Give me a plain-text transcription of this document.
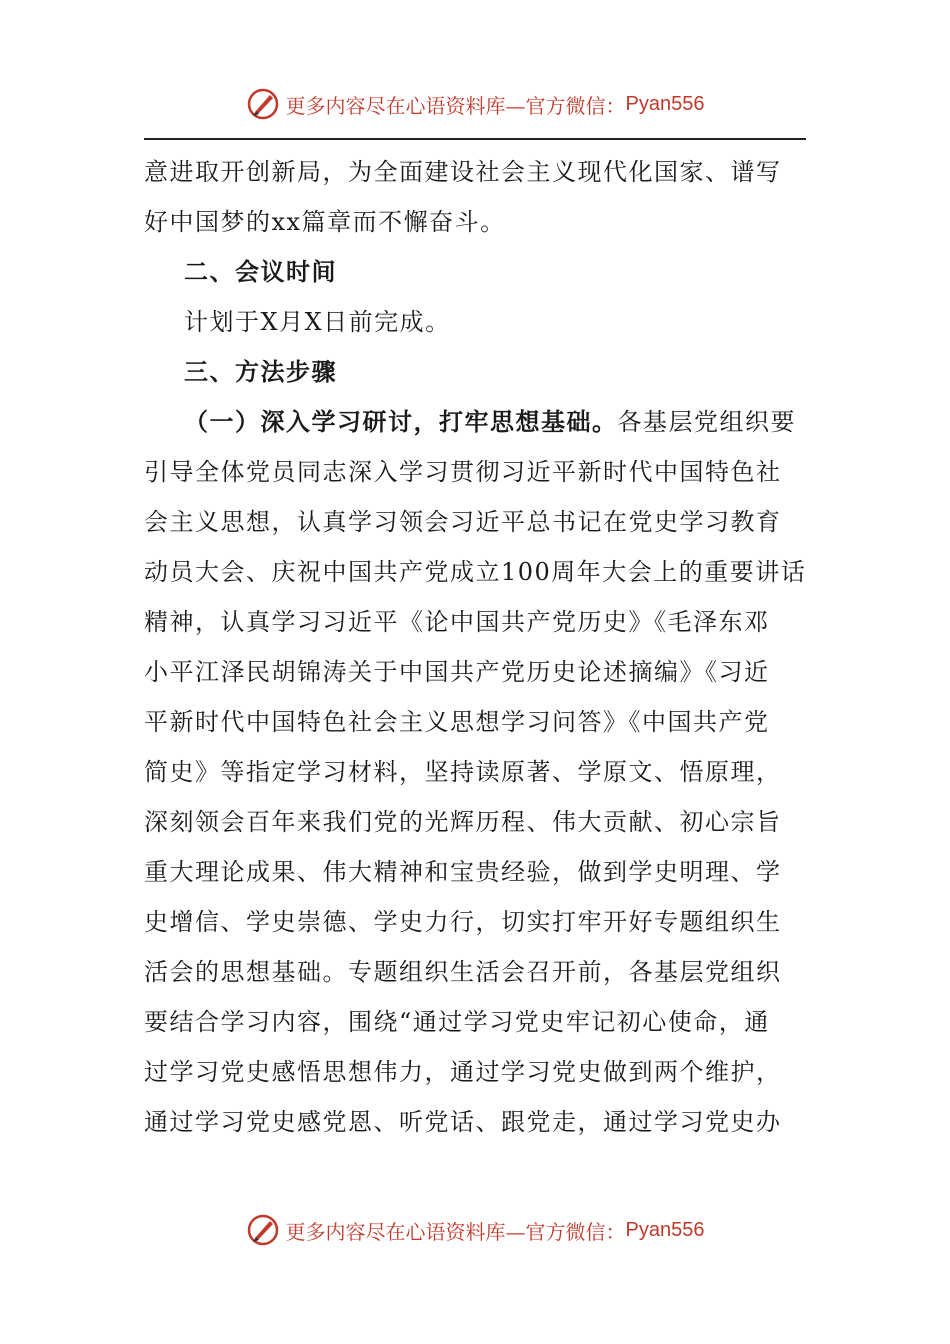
更多内容尽在心语资料库— 官方微信： Pyan556
意进取开创新局，为全面建设社会主义现代化国家、谱写
好中国梦的xx篇章而不懈奋斗。
二、会议时间
计划于X月X日前完成。
三、方法步骤
（一）深入学习研讨，打牢思想基础。各基层党组织要
引导全体党员同志深入学习贯彻习近平新时代中国特色社
会主义思想，认真学习领会习近平总书记在党史学习教育
动员大会、庆祝中国共产党成立100周年大会上的重要讲话
精神，认真学习习近平《论中国共产党历史》《毛泽东邓
小平江泽民胡锦涛关于中国共产党历史论述摘编》《习近
平新时代中国特色社会主义思想学习问答》《中国共产党
简史》等指定学习材料，坚持读原著、学原文、悟原理，
深刻领会百年来我们党的光辉历程、伟大贡献、初心宗旨
重大理论成果、伟大精神和宝贵经验，做到学史明理、学
史增信、学史崇德、学史力行，切实打牢开好专题组织生
活会的思想基础。专题组织生活会召开前，各基层党组织
要结合学习内容，围绕“通过学习党史牢记初心使命，通
过学习党史感悟思想伟力，通过学习党史做到两个维护，
通过学习党史感党恩、听党话、跟党走，通过学习党史办
更多内容尽在心语资料库— 官方微信： Pyan556
